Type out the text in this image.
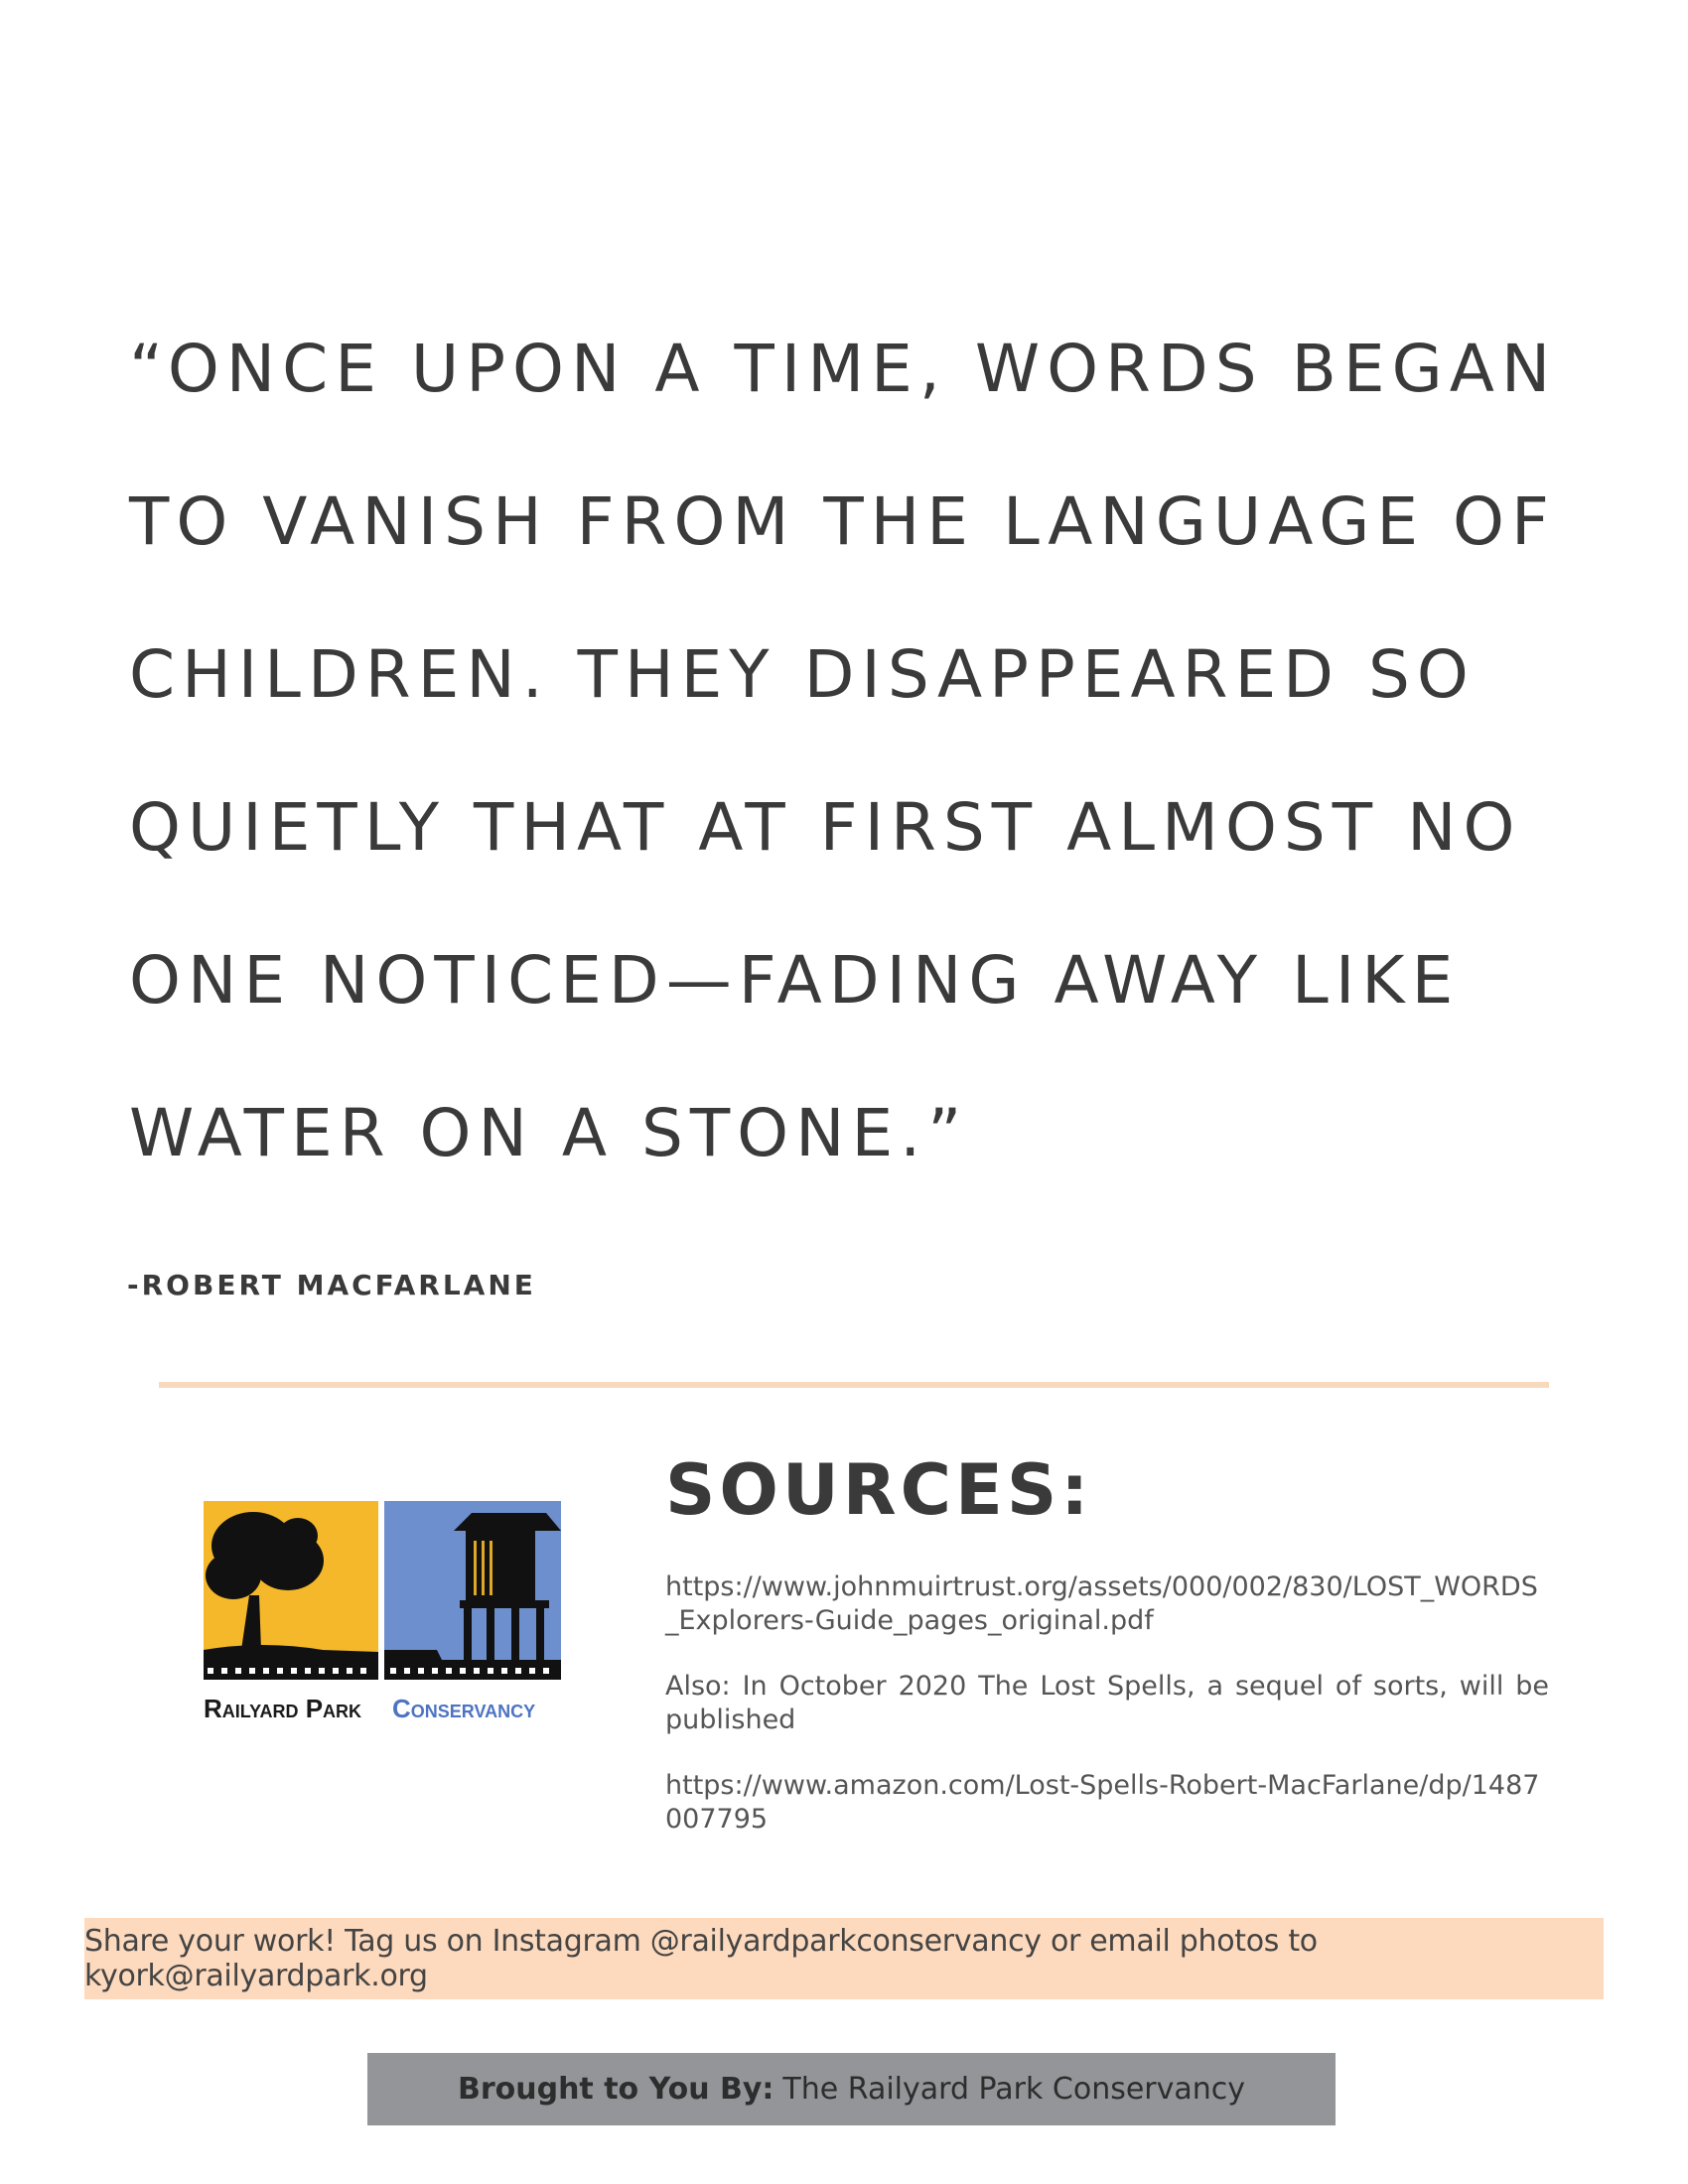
“ONCE UPON A TIME, WORDS BEGAN
TO VANISH FROM THE LANGUAGE OF
CHILDREN. THEY DISAPPEARED SO
QUIETLY THAT AT FIRST ALMOST NO
ONE NOTICED—FADING AWAY LIKE
WATER ON A STONE.”
-ROBERT MACFARLANE
Railyard Park Conservancy
SOURCES:
https://www.johnmuirtrust.org/assets/000/002/830/LOST_WORDS_Explorers-Guide_pages_original.pdf
Also: In October 2020 The Lost Spells, a sequel of sorts, will be published
https://www.amazon.com/Lost-Spells-Robert-MacFarlane/dp/1487007795
Share your work! Tag us on Instagram @railyardparkconservancy or email photos to kyork@railyardpark.org
Brought to You By: The Railyard Park Conservancy
